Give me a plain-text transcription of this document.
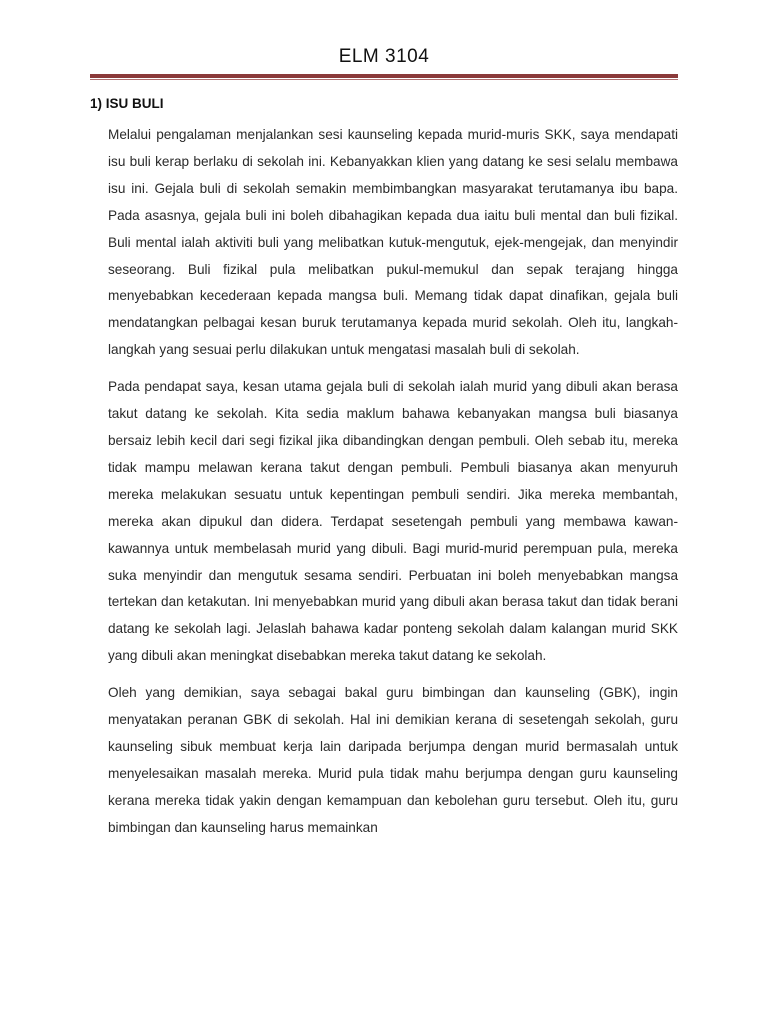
ELM 3104
1) ISU BULI

Melalui pengalaman menjalankan sesi kaunseling kepada murid-muris SKK, saya mendapati isu buli kerap berlaku di sekolah ini. Kebanyakkan klien yang datang ke sesi selalu membawa isu ini. Gejala buli di sekolah semakin membimbangkan masyarakat terutamanya ibu bapa. Pada asasnya, gejala buli ini boleh dibahagikan kepada dua iaitu buli mental dan buli fizikal. Buli mental ialah aktiviti buli yang melibatkan kutuk-mengutuk, ejek-mengejak, dan menyindir seseorang. Buli fizikal pula melibatkan pukul-memukul dan sepak terajang hingga menyebabkan kecederaan kepada mangsa buli. Memang tidak dapat dinafikan, gejala buli mendatangkan pelbagai kesan buruk terutamanya kepada murid sekolah. Oleh itu, langkah-langkah yang sesuai perlu dilakukan untuk mengatasi masalah buli di sekolah.

Pada pendapat saya, kesan utama gejala buli di sekolah ialah murid yang dibuli akan berasa takut datang ke sekolah. Kita sedia maklum bahawa kebanyakan mangsa buli biasanya bersaiz lebih kecil dari segi fizikal jika dibandingkan dengan pembuli. Oleh sebab itu, mereka tidak mampu melawan kerana takut dengan pembuli. Pembuli biasanya akan menyuruh mereka melakukan sesuatu untuk kepentingan pembuli sendiri. Jika mereka membantah, mereka akan dipukul dan didera. Terdapat sesetengah pembuli yang membawa kawan-kawannya untuk membelasah murid yang dibuli. Bagi murid-murid perempuan pula, mereka suka menyindir dan mengutuk sesama sendiri. Perbuatan ini boleh menyebabkan mangsa tertekan dan ketakutan. Ini menyebabkan murid yang dibuli akan berasa takut dan tidak berani datang ke sekolah lagi. Jelaslah bahawa kadar ponteng sekolah dalam kalangan murid SKK yang dibuli akan meningkat disebabkan mereka takut datang ke sekolah.

Oleh yang demikian, saya sebagai bakal guru bimbingan dan kaunseling (GBK), ingin menyatakan peranan GBK di sekolah. Hal ini demikian kerana di sesetengah sekolah, guru kaunseling sibuk membuat kerja lain daripada berjumpa dengan murid bermasalah untuk menyelesaikan masalah mereka. Murid pula tidak mahu berjumpa dengan guru kaunseling kerana mereka tidak yakin dengan kemampuan dan kebolehan guru tersebut. Oleh itu, guru bimbingan dan kaunseling harus memainkan
